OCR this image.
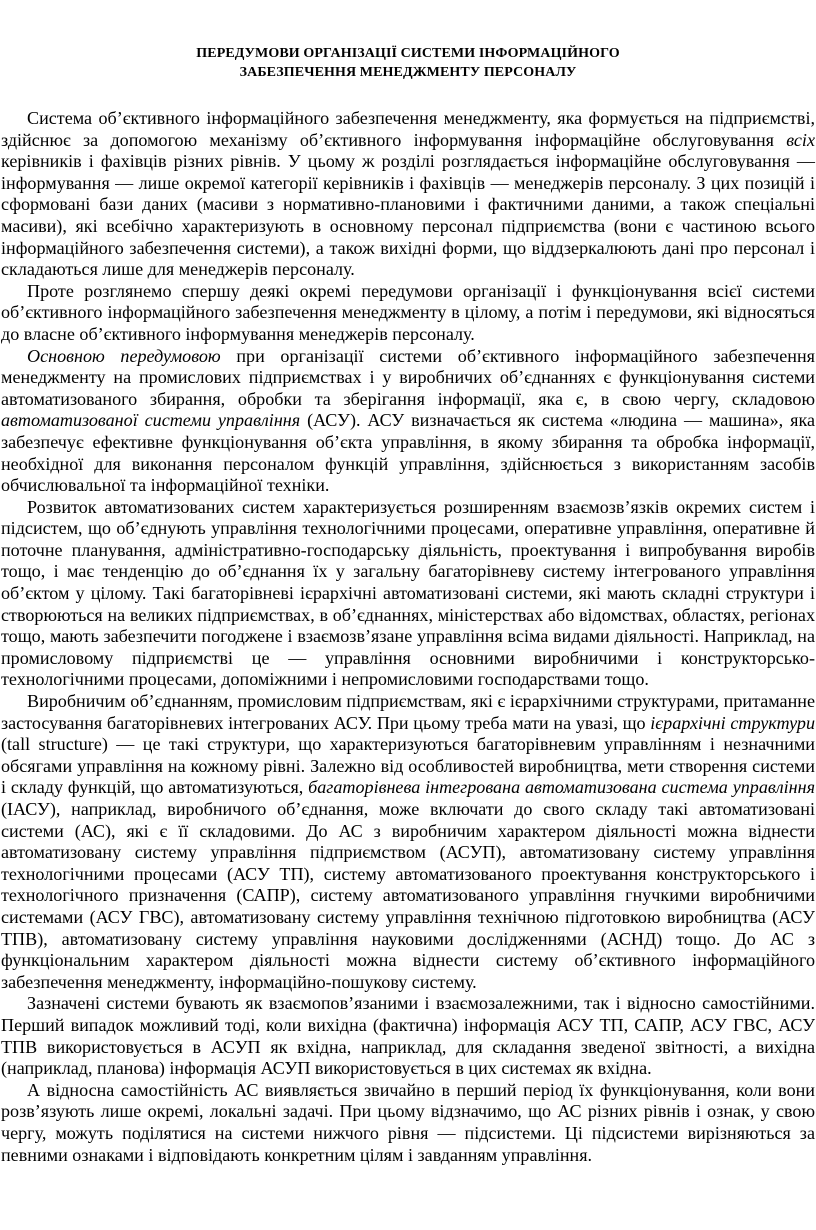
ПЕРЕДУМОВИ ОРГАНІЗАЦІЇ СИСТЕМИ ІНФОРМАЦІЙНОГО
ЗАБЕЗПЕЧЕННЯ МЕНЕДЖМЕНТУ ПЕРСОНАЛУ

Система об’єктивного інформаційного забезпечення менеджменту, яка формується на підприємстві, здійснює за допомогою механізму об’єктивного інформування інформаційне обслуговування всіх керівників і фахівців різних рівнів. У цьому ж розділі розглядається інформаційне обслуговування — інформування — лише окремої категорії керівників і фахівців — менеджерів персоналу. З цих позицій і сформовані бази даних (масиви з нормативно-плановими і фактичними даними, а також спеціальні масиви), які всебічно характеризують в основному персонал підприємства (вони є частиною всього інформаційного забезпечення системи), а також вихідні форми, що віддзеркалюють дані про персонал і складаються лише для менеджерів персоналу.

Проте розглянемо спершу деякі окремі передумови організації і функціонування всієї системи об’єктивного інформаційного забезпечення менеджменту в цілому, а потім і передумови, які відносяться до власне об’єктивного інформування менеджерів персоналу.

Основною передумовою при організації системи об’єктивного інформаційного забезпечення менеджменту на промислових підприємствах і у виробничих об’єднаннях є функціонування системи автоматизованого збирання, обробки та зберігання інформації, яка є, в свою чергу, складовою автоматизованої системи управління (АСУ). АСУ визначається як система «людина — машина», яка забезпечує ефективне функціонування об’єкта управління, в якому збирання та обробка інформації, необхідної для виконання персоналом функцій управління, здійснюється з використанням засобів обчислювальної та інформаційної техніки.

Розвиток автоматизованих систем характеризується розширенням взаємозв’язків окремих систем і підсистем, що об’єднують управління технологічними процесами, оперативне управління, оперативне й поточне планування, адміністративно-господарську діяльність, проектування і випробування виробів тощо, і має тенденцію до об’єднання їх у загальну багаторівневу систему інтегрованого управління об’єктом у цілому. Такі багаторівневі ієрархічні автоматизовані системи, які мають складні структури і створюються на великих підприємствах, в об’єднаннях, міністерствах або відомствах, областях, регіонах тощо, мають забезпечити погоджене і взаємозв’язане управління всіма видами діяльності. Наприклад, на промисловому підприємстві це — управління основними виробничими і конструкторсько-технологічними процесами, допоміжними і непромисловими господарствами тощо.

Виробничим об’єднанням, промисловим підприємствам, які є ієрархічними структурами, притаманне застосування багаторівневих інтегрованих АСУ. При цьому треба мати на увазі, що ієрархічні структури (tall structure) — це такі структури, що характеризуються багаторівневим управлінням і незначними обсягами управління на кожному рівні. Залежно від особливостей виробництва, мети створення системи і складу функцій, що автоматизуються, багаторівнева інтегрована автоматизована система управління (ІАСУ), наприклад, виробничого об’єднання, може включати до свого складу такі автоматизовані системи (АС), які є її складовими. До АС з виробничим характером діяльності можна віднести автоматизовану систему управління підприємством (АСУП), автоматизовану систему управління технологічними процесами (АСУ ТП), систему автоматизованого проектування конструкторського і технологічного призначення (САПР), систему автоматизованого управління гнучкими виробничими системами (АСУ ГВС), автоматизовану систему управління технічною підготовкою виробництва (АСУ ТПВ), автоматизовану систему управління науковими дослідженнями (АСНД) тощо. До АС з функціональним характером діяльності можна віднести систему об’єктивного інформаційного забезпечення менеджменту, інформаційно-пошукову систему.

Зазначені системи бувають як взаємопов’язаними і взаємозалежними, так і відносно самостійними. Перший випадок можливий тоді, коли вихідна (фактична) інформація АСУ ТП, САПР, АСУ ГВС, АСУ ТПВ використовується в АСУП як вхідна, наприклад, для складання зведеної звітності, а вихідна (наприклад, планова) інформація АСУП використовується в цих системах як вхідна.

А відносна самостійність АС виявляється звичайно в перший період їх функціонування, коли вони розв’язують лише окремі, локальні задачі. При цьому відзначимо, що АС різних рівнів і ознак, у свою чергу, можуть поділятися на системи нижчого рівня — підсистеми. Ці підсистеми вирізняються за певними ознаками і відповідають конкретним цілям і завданням управління.
